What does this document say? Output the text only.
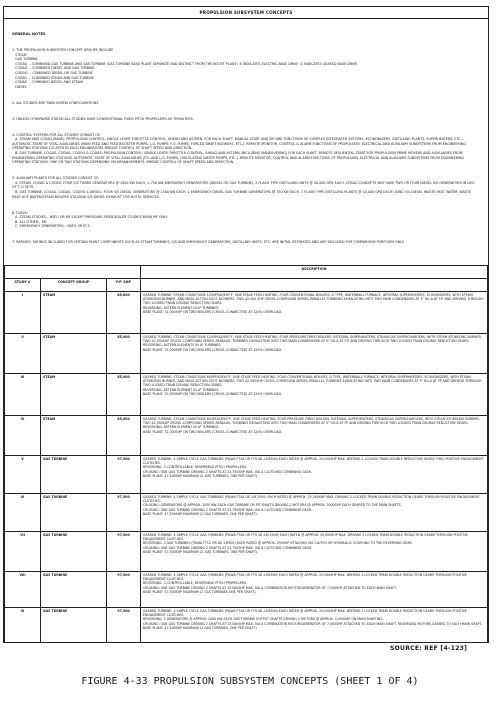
PROPULSION SUBSYSTEM CONCEPTS

GENERAL NOTES

1. THE PROPULSION SUBSYSTEM CONCEPT GROUPS INCLUDE
STEAM
GAS TURBINE
COGAG  – COMBINED GAS TURBINE AND GAS TURBINE (GAS TURBINE BASE PLANT SEPARATE AND DISTINCT FROM THE BOOST PLANT) :E INDICATES ELECTRIC BASE DRIVE :G INDICATES GEARED BASE DRIVE
CODAG  – COMBINED DIESEL AND GAS TURBINE
CODOG  – COMBINED DIESEL OR GAS TURBINE
COSAG  – COMBINED STEAM AND GAS TURBINE
CODAS  – COMBINED DIESEL AND STEAM
DIESEL

2. ALL STUDIES ARE TWIN SCREW CONFIGURATIONS

3. UNLESS OTHERWISE STATED ALL STUDIES HAVE CONVENTIONAL FIXED PITCH PROPELLERS AS THRUSTERS.

4. CONTROL SYSTEMS FOR ALL STUDIES CONSIST OF:
A. STEAM AND COSAG (BASE): PROPULSION CONTROL, SINGLE LEVER THROTTLE CONTROL, AHEAD AND ASTERN, FOR EACH SHAFT. MANUAL START AND SECURE FUNCTIONS OF COMPLEX INTEGRATED SYSTEMS, ECONOMIZERS, DISTILLING PLANTS, SUPERHEATERS, ETC... AUTOMATIC START OF VITAL AUXILIARIES (MAIN FEED AND FEED BOOSTER PUMPS, L.O. PUMPS, F.O. PUMPS, FORCED DRAFT BLOWERS, ETC.). REMOTE MONITOR, CONTROL & ALARM FUNCTIONS OF PROPULSION, ELECTRICAL AND AUXILIARY SUBSYSTEMS FROM ENGINEERING OPERATING STATIONS LOCATED IN EACH ENGINEROOM. BRIDGE CONTROL OF SHAFT SPEED AND DIRECTION.
B. GAS TURBINE, COGAG, CODAG, CODOG & CODAS: PROPULSION CONTROL, SINGLE LEVER THROTTLE CONTROL, AHEAD AND ASTERN (INCLUDING MANEUVERING) FOR EACH SHAFT. REMOTE SEQUENTIAL START FOR PROPULSION PRIME MOVERS AND AUXILIARIES FROM ENGINEERING OPERATING STATIONS. AUTOMATIC START OF VITAL AUXILIARIES (F.O. AND L.O. PUMPS, CIRCULATING WATER PUMPS, ETC.). REMOTE MONITOR, CONTROL AND ALARM FUNCTIONS OF PROPULSION, ELECTRICAL AND AUXILIARY SUBSYSTEMS FROM ENGINEERING OPERATING STATIONS. ONE OR TWO STATIONS DEPENDING ON ARRANGEMENTS. BRIDGE CONTROL OF SHAFT SPEED AND DIRECTION.

5. AUXILIARY PLANTS FOR ALL STUDIES CONSIST OF:
A. STEAM, COSAG & CODAS: FOUR S/S TURBO GENERATORS @ 1500 KW EACH, 2–750 KW EMERGENCY GENERATORS (DIESEL OR GAS TURBINE). 2 FLASH TYPE DISTILLING UNITS @ 30,000 GPD EACH. COSAG CONCEPTS MAY HAVE TWO OR FOUR DIESEL S/S GENERATORS IN LIEU OF T–G SETS.
B. GAS TURBINE, COGAG, CODAG, CODOG & DIESEL: FOUR S/S DIESEL GENERATORS @ 1500 KW EACH, 2 EMERGENCY DIESEL GAS TURBINE GENERATORS @ 750 KW EACH, 2 FLASH TYPE DISTILLING PLANTS @ 10,000 GPD EACH USING S/S DIESEL WASTE HEAT WATER. WASTE HEAT HOT WATER/STEAM BOILERS UTILIZING S/S DIESEL EXHAUST FOR HOTEL SERVICES.

6. FUELS:
A. STEAM STUDIES – NSFO OR MF EXCEPT PRESSURE FIRED BOILER STUDIES BURN MF ONLY.
B. ALL OTHER – MF.
C. EMERGENCY GENERATORS – NSFO OR JP-5.

7. RATINGS: RATINGS INCLUDED FOR CERTAIN PLANT COMPONENTS SUCH AS STEAM TURBINES, S/S AND EMERGENCY GENERATORS, DISTILLING UNITS, ETC. ARE INITIAL ESTIMATES AND ARE INCLUDED FOR COMPARISON PURPOSES ONLY.

			DESCRIPTION
STUDY #	CONCEPT GROUP	P.P. SHP	
I	STEAM	85,000	GEARED TURBINE: STEAM CONDITIONS 1200PSIG/950°F, ONE STAGE FEED HEATING, FOUR CONVENTIONAL BOILERS, D TYPE, WATERWALL FURNACE, INTEGRAL SUPERHEATERS, ECONOMIZERS, WITH STEAM ATOMIZING BURNER, AND MASS ACTION SOOT BLOWERS. TWO 42,500 SHP CROSS–COMPOUND SERIES–PARALLEL TURBINES EXHAUSTING INTO TWO MAIN CONDENSERS AT 3" HG.A AT F.P. AND DRIVING THROUGH TWO LOCKED TRAIN DOUBLE REDUCTION GEARS.
REVERSING: ASTERN ELEMENT IN LP TURBINES.
BASE PLANT: 31,000SHP ON TWO BOILERS (CROSS–CONNECTED) AT 120% OVERLOAD.
II	STEAM	85,000	GEARED TURBINE: STEAM CONDITIONS 1200PSIG/950°F, ONE STAGE FEED HEATING, FOUR PRESSURE FIRED BOILERS, INTEGRAL SUPERHEATERS, STEAM/GAS SUPERCHARGERS, WITH STEAM ATOMIZING BURNER, TWO 42,500SHP CROSS–COMPOUND SERIES–PARALLEL TURBINES EXHAUSTING INTO TWO MAIN CONDENSERS AT 3" HG.A AT F.P. AND DRIVING THROUGH TWO LOCKED TRAIN DOUBLE REDUCTION GEARS.
REVERSING: ASTERN ELEMENTS IN LP TURBINES.
BASE PLANT: 31,000SHP ON TWO BOILERS (CROSS–CONNECTED) AT 120% OVERLOAD.
III	STEAM	85,000	GEARED TURBINE: STEAM CONDITIONS 600PSIG/850°F, ONE STAGE FEED HEATING, FOUR CONVENTIONAL BOILERS, D TYPE, WATERWALL FURNACE, INTEGRAL SUPERHEATERS, ECONOMIZERS, WITH STEAM ATOMIZING BURNER, AND MASS ACTION SOOT BLOWERS. TWO 42,500SHP CROSS–COMPOUND SERIES–PARALLEL TURBINES EXHAUSTING INTO TWO MAIN CONDENSERS AT 3" HG.A AT FP AND DRIVING THROUGH TWO LOCKED TRAIN DOUBLE REDUCTION GEARS.
REVERSING: ASTERN ELEMENT IN LP TURBINES.
BASE PLANT: 31,000SHP ON TWO BOILERS (CROSS–CONNECTED) AT 120% OVERLOAD.
IV	STEAM	85,000	GEARED TURBINE: STEAM CONDITIONS 600PSIG/850°F, ONE STAGE FEED HEATING, FOUR PRESSURE FIRED BOILERS, INTEGRAL SUPERHEATERS, STEAM/GAS SUPERCHARGERS, WITH STEAM ATOMIZING BURNER, TWO 42,500SHP CROSS–COMPOUND SERIES–PARALLEL TURBINES EXHAUSTING INTO TWO MAIN CONDENSERS AT 3" HG.A AT FP AND DRIVING THROUGH TWO LOCKED TRAIN DOUBLE REDUCTION GEARS.
REVERSING: ASTERN ELEMENT IN LP TURBINES.
BASE PLANT: 31,000SHP ON TWO BOILERS (CROSS–CONNECTED) AT 120% OVERLOAD.
V	GAS TURBINE	97,500	GEARED TURBINE: 4 SIMPLE CYCLE GAS TURBINES (P&WA FT4A OR FT9 GE–LM2500) EACH RATED @ APPROX. 25,000SHP MAX. DRIVING 2–LOCKED TRAIN DOUBLE REDUCTION GEARS THRU POSITIVE ENGAGEMENT CLUTCHES.
REVERSING: 2–CONTROLLABLE, REVERSIBLE PITCH PROPELLERS.
CRUISING: ONE GAS TURBINE DRIVING 2 SHAFTS AT 23,750SHP MAX. VIA A CLUTCHED COMBINING GEAR.
BASE PLANT: 47,500SHP MAXIMUM (2–GAS TURBINES, ONE PER SHAFT).
VI	GAS TURBINE	97,500	GEARED TURBINE: 4 SIMPLE CYCLE GAS TURBINES (P&WA FT4A GE–LM 2500) EACH RATED @ APPROX. 25,000SHP MAX. DRIVING 2–LOCKED TRAIN DOUBLE REDUCTION GEARS THROUGH POSITIVE ENGAGEMENT CLUTCHES.
CRUISING: GENERATORS @ APPROX. 2000 KW EACH GAS TURBINE OR PIT SHAFTS DRIVING 2 MOTORS @ APPROX. 3000SHP EACH GEARED TO THE MAIN SHAFTS.
CRUISING: ONE GAS TURBINE DRIVING 2 SHAFTS AT 23,750SHP MAX. VIA A CLUTCHED COMBINING GEAR.
BASE PLANT: 47,500SHP MAXIMUM (2 GAS TURBINES, ONE PER SHAFT).
VII	GAS TURBINE	97,500	GEARED TURBINE: 4 SIMPLE CYCLE GAS TURBINES (P&WA FT4A OR FT9 GE–LM 2500) EACH RATED @ APPROX. 25,000SHP MAX. DRIVING 2 LOCKED TRAIN DOUBLE REDUCTION GEARS THROUGH POSITIVE ENGAGEMENT CLUTCHES.
REVERSING: 2 GAS TURBINES (P&WA FT12 OR GE–LM300) EACH RATED @ APPROX. 2500HP ATTACHED VIA CLUTCH OR HYDRAULIC COUPLING TO THE REVERSING GEAR.
CRUISING: ONE GAS TURBINE DRIVING 2 SHAFTS AT 23,750SHP MAX. VIA A CLUTCHED COMBINING GEAR.
BASE PLANT: 47,500SHP MAXIMUM (2–GAS TURBINES, ONE PER SHAFT).
VIII	GAS TURBINE	97,500	GEARED TURBINE: 4 SIMPLE CYCLE GAS TURBINES (P&WA FT4A OR FT9 GE–LM2500) EACH RATED @ APPROX. 25,000SHP MAX. DRIVING 2 LOCKED TRAIN DOUBLE REDUCTION GEARS THROUGH POSITIVE ENGAGEMENT CLUTCHES.
REVERSING: 2–CONTROLLABLE, REVERSIBLE PITCH PROPELLERS.
CRUISING: ONE GAS TURBINE DRIVING 2 SHAFTS AT 15,000SHP MAX. VIA A COMBINATION MOTOR/GENERATOR OF 7,000SHP ATTACHED TO EACH MAIN SHAFT.
BASE PLANT: 47,500SHP MAXIMUM (2 GAS TURBINES ONE PER SHAFT).
IX	GAS TURBINE	97,500	GEARED TURBINE: 4 SIMPLE CYCLE GAS TURBINES (P&WA FT4A OR FT9 GE–LM2500) EACH RATED @ APPROX. 25,000SHP MAX. DRIVING 2 LOCKED TRAIN DOUBLE REDUCTION GEARS THROUGH POSITIVE ENGAGEMENT CLUTCHES.
REVERSING: 2 GENERATORS @ APPROX. 2000 KW EACH GAS TURBINE OUTPUT SHAFTS DRIVING 2 MOTORS @ APPROX. 5,000SHP ON MAIN SHAFTING.
CRUISING: ONE GAS TURBINE DRIVING 2 SHAFTS AT 15,000SHP MAX. VIA A COMBINATION MOTOR/GENERATOR OF 7,000SHP ATTACHED TO EACH MAIN SHAFT. REVERSING MOTORS GEARED TO EACH MAIN SHAFT.
BASE PLANT: 47,500SHP MAXIMUM (2 GAS TURBINES, ONE PER SHAFT).
SOURCE: REF [4-123]
FIGURE 4-33 PROPULSION SUBSYSTEM CONCEPTS (SHEET 1 OF 4)
